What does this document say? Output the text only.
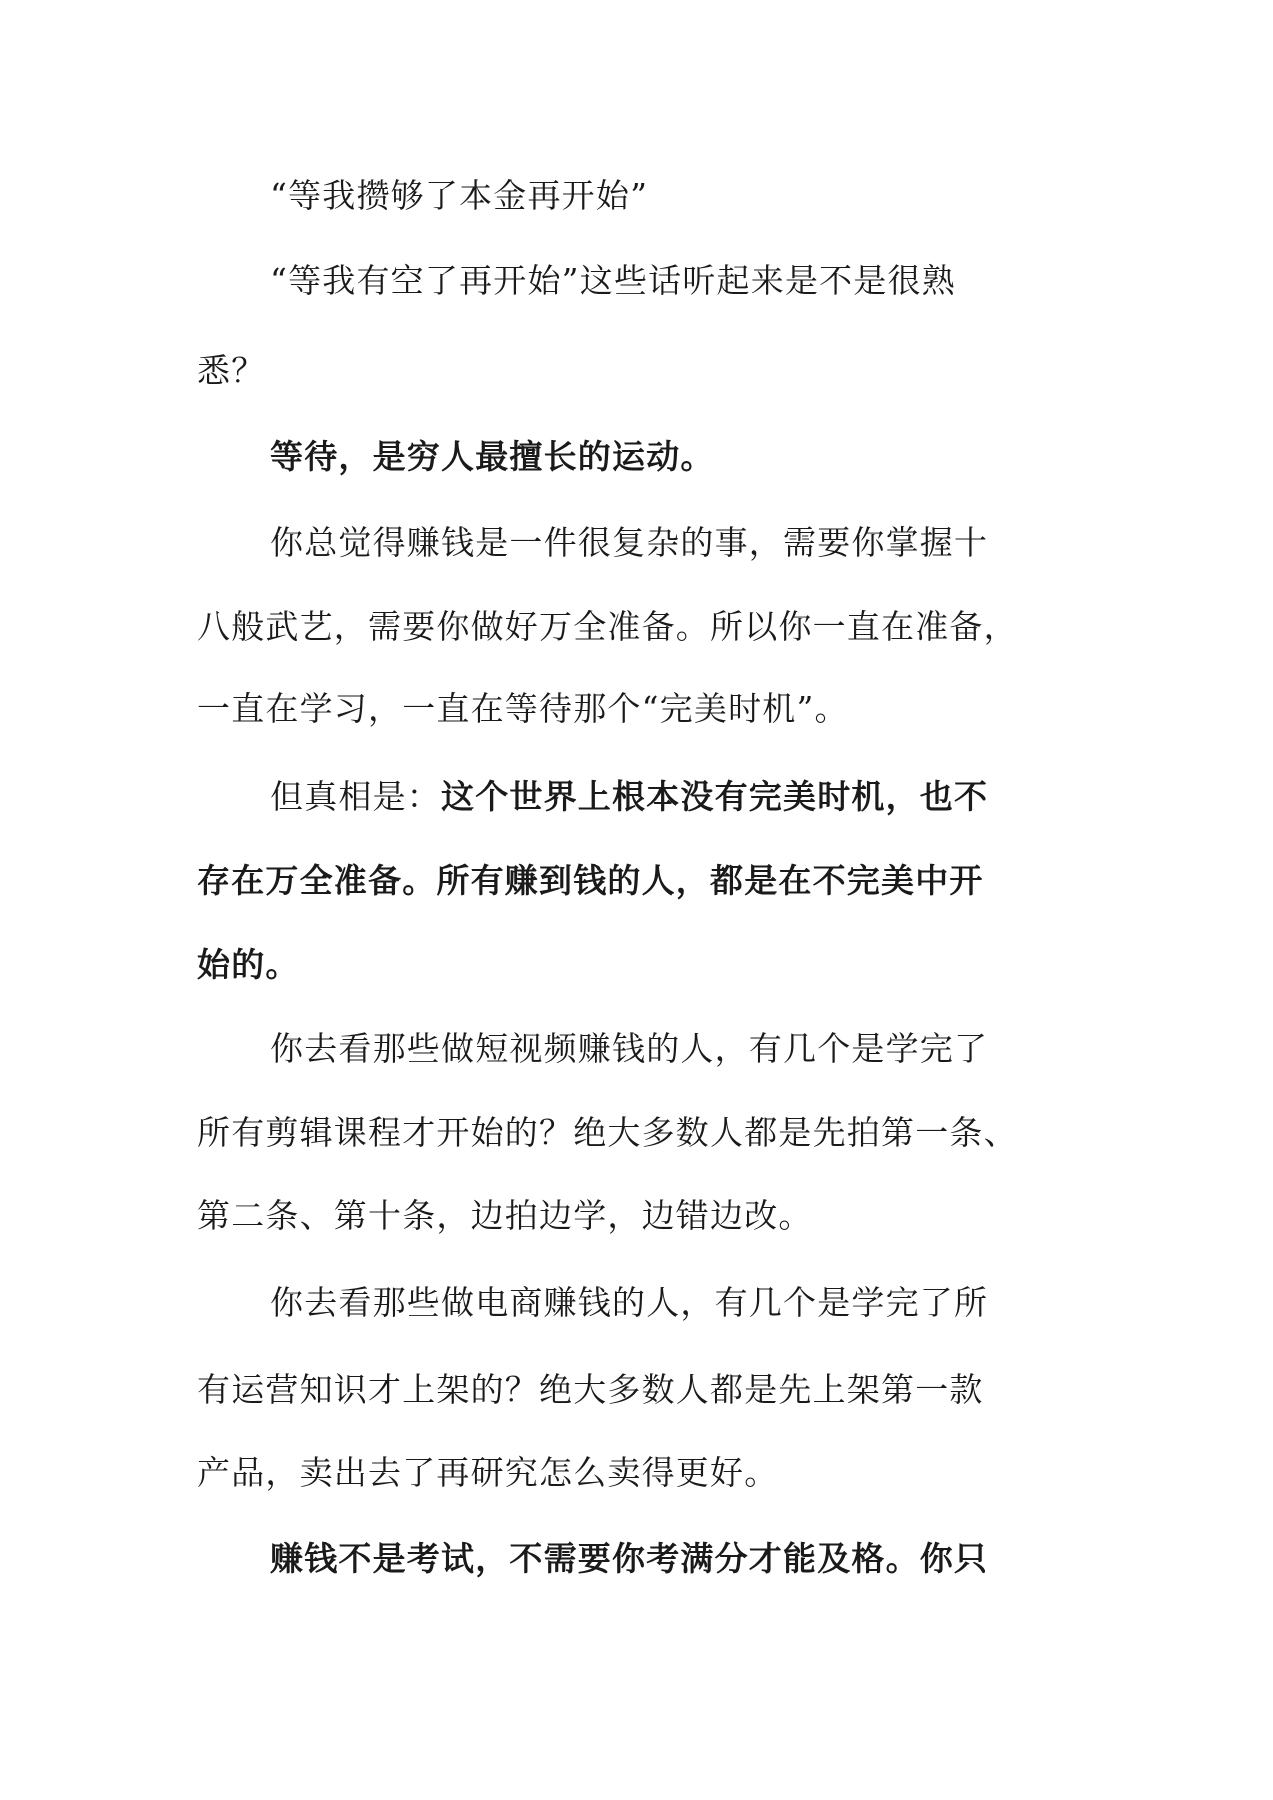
“等我攒够了本金再开始”
“等我有空了再开始”这些话听起来是不是很熟
悉？
等待，是穷人最擅长的运动。
你总觉得赚钱是一件很复杂的事，需要你掌握十
八般武艺，需要你做好万全准备。所以你一直在准备，
一直在学习，一直在等待那个“完美时机”。
但真相是：这个世界上根本没有完美时机，也不
存在万全准备。所有赚到钱的人，都是在不完美中开
始的。
你去看那些做短视频赚钱的人，有几个是学完了
所有剪辑课程才开始的？绝大多数人都是先拍第一条、
第二条、第十条，边拍边学，边错边改。
你去看那些做电商赚钱的人，有几个是学完了所
有运营知识才上架的？绝大多数人都是先上架第一款
产品，卖出去了再研究怎么卖得更好。
赚钱不是考试，不需要你考满分才能及格。你只
